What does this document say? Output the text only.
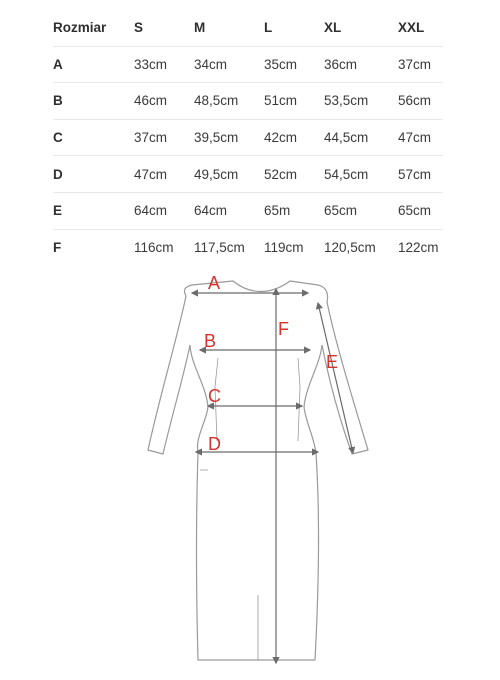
Rozmiar	S	M	L	XL	XXL
A	33cm	34cm	35cm	36cm	37cm
B	46cm	48,5cm	51cm	53,5cm	56cm
C	37cm	39,5cm	42cm	44,5cm	47cm
D	47cm	49,5cm	52cm	54,5cm	57cm
E	64cm	64cm	65m	65cm	65cm
F	116cm	117,5cm	119cm	120,5cm	122cm
A
B
C
D
F
E
